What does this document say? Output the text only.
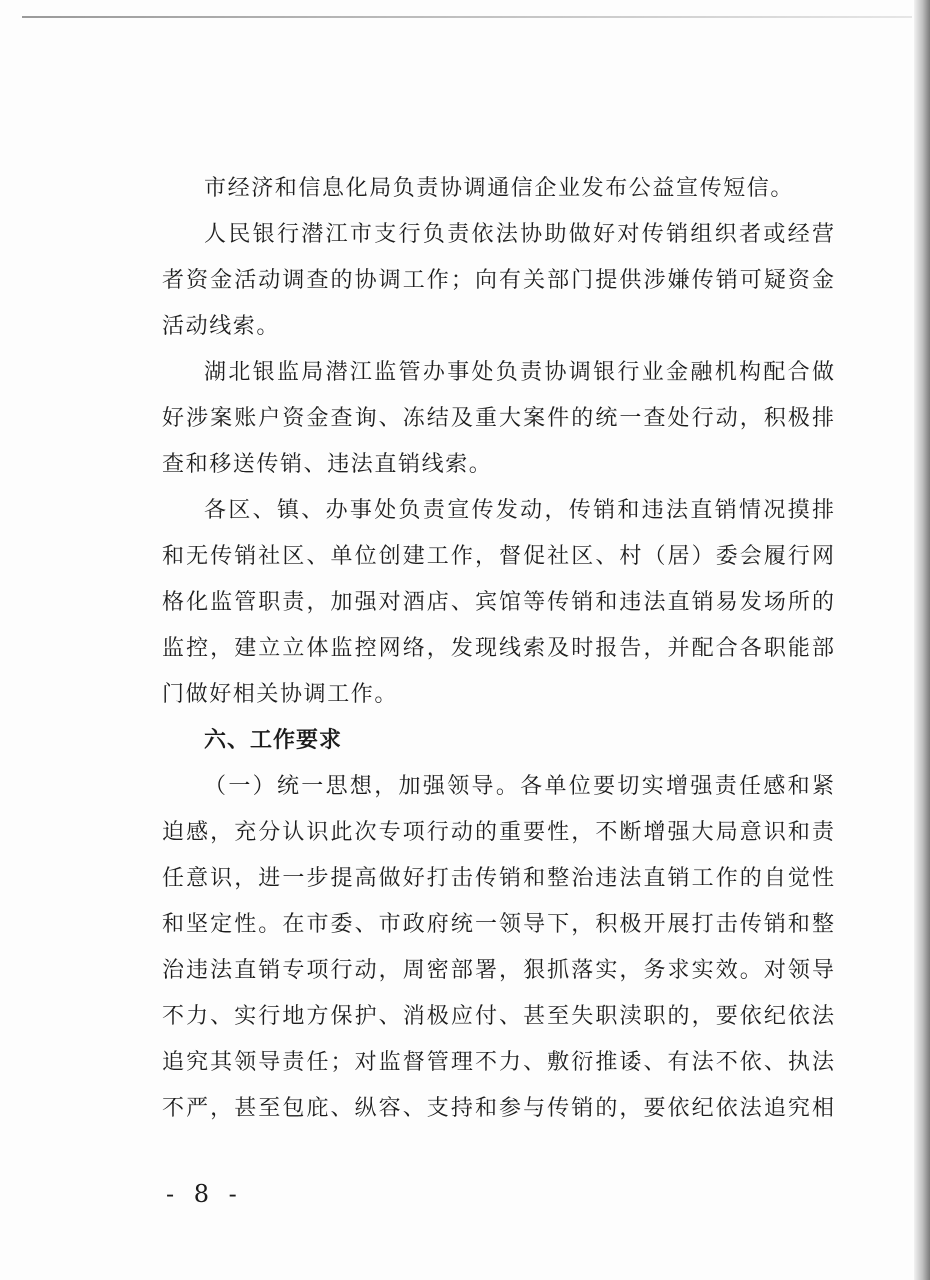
市经济和信息化局负责协调通信企业发布公益宣传短信。
人民银行潜江市支行负责依法协助做好对传销组织者或经营
者资金活动调查的协调工作；向有关部门提供涉嫌传销可疑资金
活动线索。
湖北银监局潜江监管办事处负责协调银行业金融机构配合做
好涉案账户资金查询、冻结及重大案件的统一查处行动，积极排
查和移送传销、违法直销线索。
各区、镇、办事处负责宣传发动，传销和违法直销情况摸排
和无传销社区、单位创建工作，督促社区、村（居）委会履行网
格化监管职责，加强对酒店、宾馆等传销和违法直销易发场所的
监控，建立立体监控网络，发现线索及时报告，并配合各职能部
门做好相关协调工作。
六、工作要求
（一）统一思想，加强领导。各单位要切实增强责任感和紧
迫感，充分认识此次专项行动的重要性，不断增强大局意识和责
任意识，进一步提高做好打击传销和整治违法直销工作的自觉性
和坚定性。在市委、市政府统一领导下，积极开展打击传销和整
治违法直销专项行动，周密部署，狠抓落实，务求实效。对领导
不力、实行地方保护、消极应付、甚至失职渎职的，要依纪依法
追究其领导责任；对监督管理不力、敷衍推诿、有法不依、执法
不严，甚至包庇、纵容、支持和参与传销的，要依纪依法追究相
- 8 -
